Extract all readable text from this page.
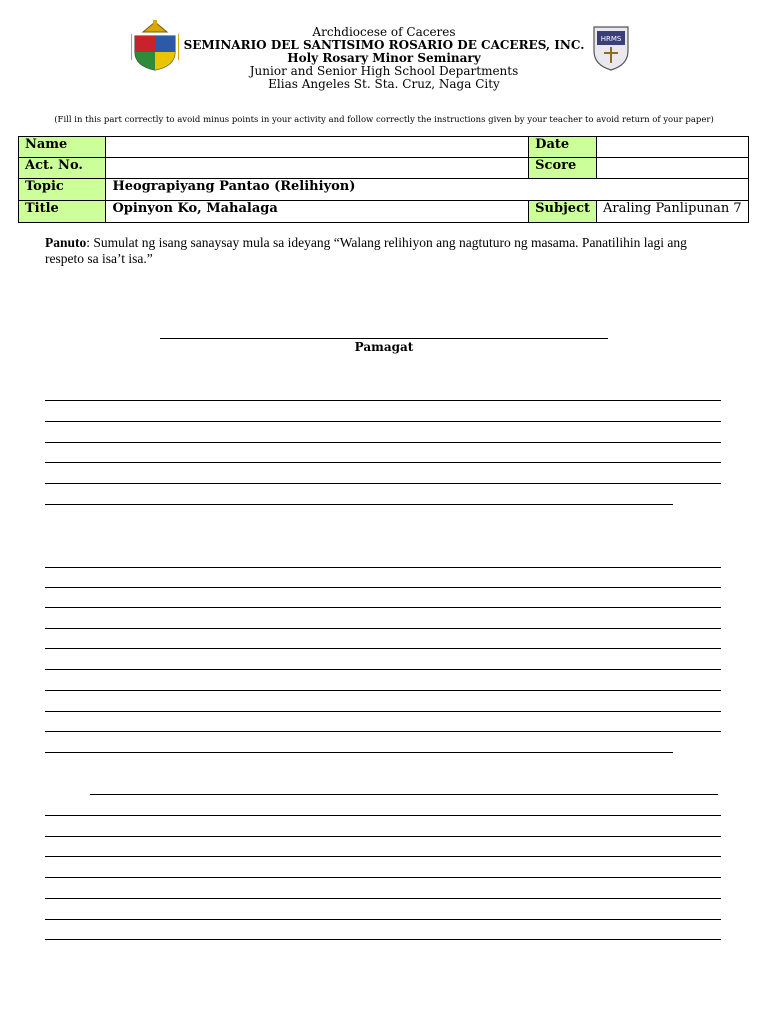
HRMS
Archdiocese of Caceres
SEMINARIO DEL SANTISIMO ROSARIO DE CACERES, INC.
Holy Rosary Minor Seminary
Junior and Senior High School Departments
Elias Angeles St. Sta. Cruz, Naga City
(Fill in this part correctly to avoid minus points in your activity and follow correctly the instructions given by your teacher to avoid return of your paper)
Name		Date	
Act. No.		Score	
Topic	Heograpiyang Pantao (Relihiyon)		
Title	Opinyon Ko, Mahalaga	Subject	Araling Panlipunan 7
Panuto: Sumulat ng isang sanaysay mula sa ideyang “Walang relihiyon ang nagtuturo ng masama. Panatilihin lagi ang respeto sa isa’t isa.”
Pamagat
